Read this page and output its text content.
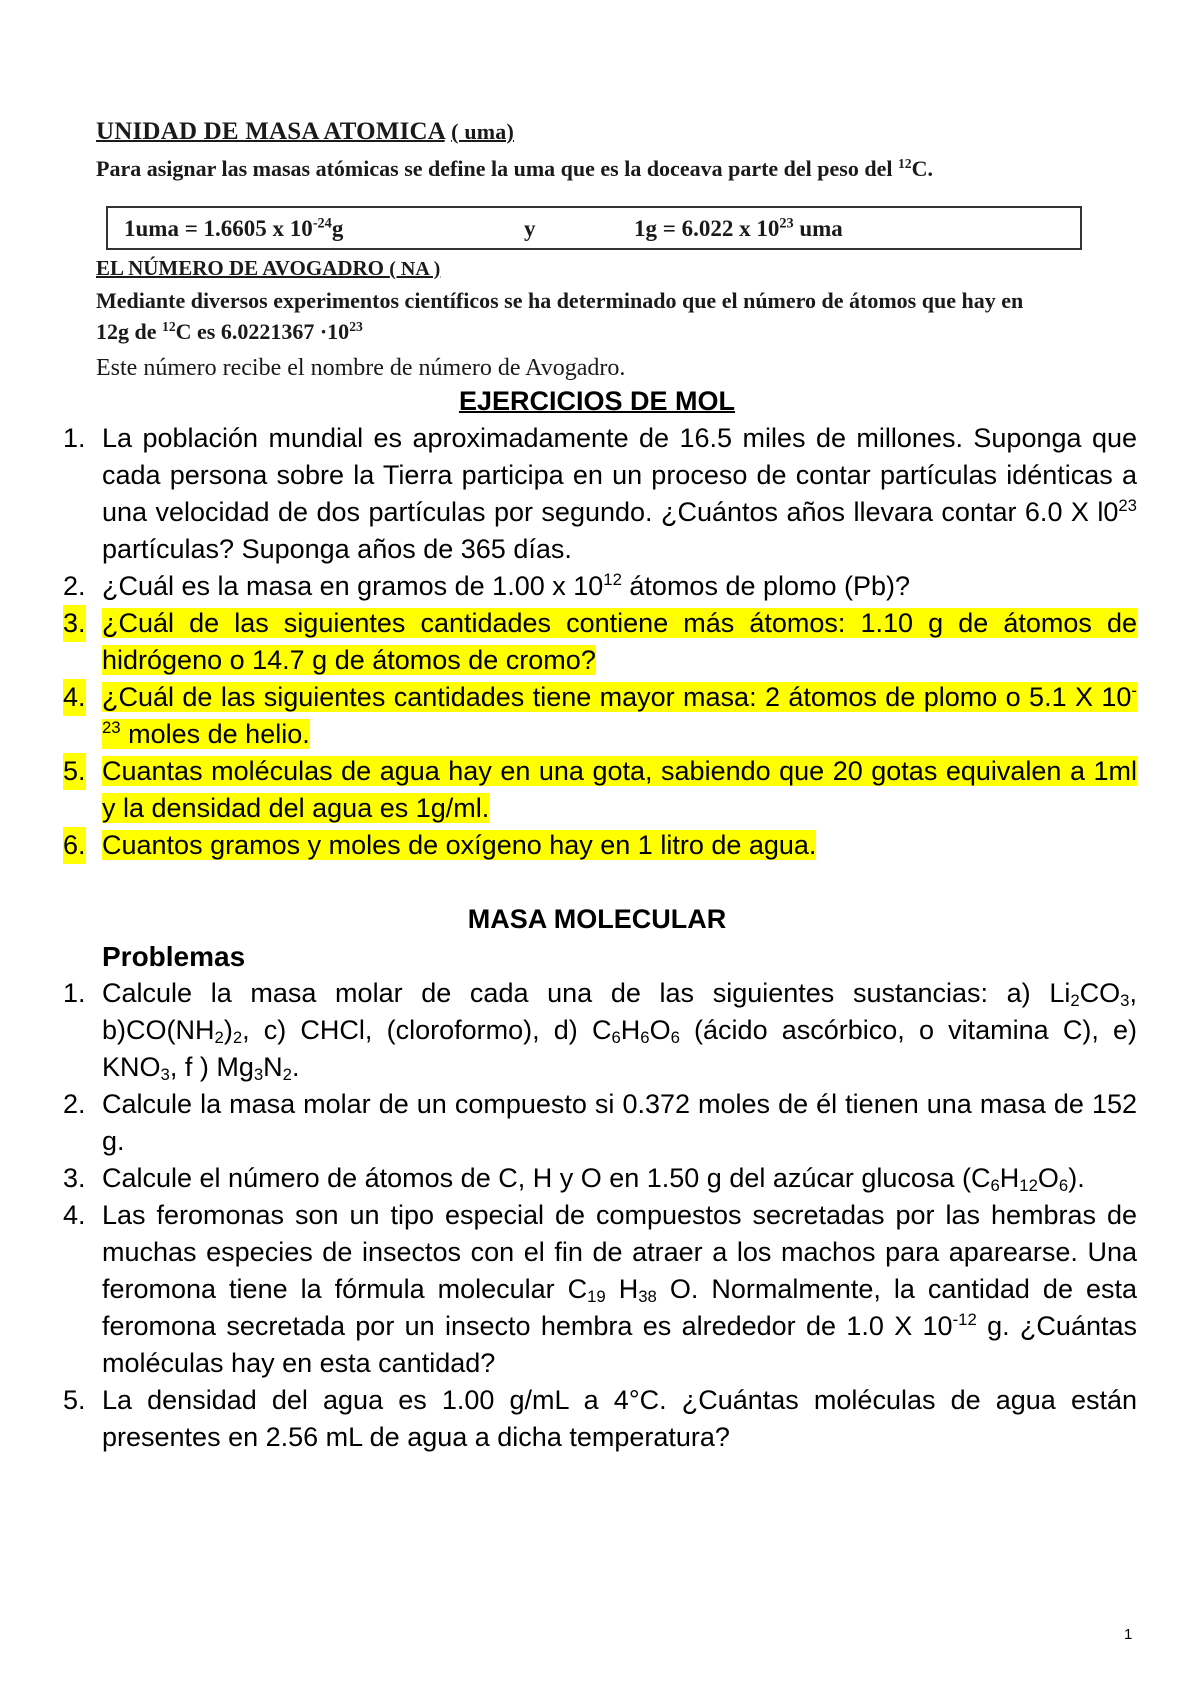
UNIDAD DE MASA ATOMICA ( uma)
Para asignar las masas atómicas se define la uma que es la doceava parte del peso del $^{12}$C.
1uma = 1.6605 x $10^{-24}g$	y	1g = 6.022 x $10^{23}$ uma
EL NÚMERO DE AVOGADRO ( NA )
Mediante diversos experimentos científicos se ha determinado que el número de átomos que hay en
12g de $^{12}$C es $6.0221367 \cdot 10^{23}$
Este número recibe el nombre de número de Avogadro.
EJERCICIOS DE MOL
1. La población mundial es aproximadamente de 16.5 miles de millones. Suponga que cada persona sobre la Tierra participa en un proceso de contar partículas idénticas a una velocidad de dos partículas por segundo. ¿Cuántos años llevara contar 6.0 X $l0^{23}$ partículas? Suponga años de 365 días.
2. ¿Cuál es la masa en gramos de 1.00 x $10^{12}$ átomos de plomo (Pb)?
3. ¿Cuál de las siguientes cantidades contiene más átomos: 1.10 g de átomos de hidrógeno o 14.7 g de átomos de cromo?
4. ¿Cuál de las siguientes cantidades tiene mayor masa: 2 átomos de plomo o 5.1 X $10^{-23}$ moles de helio.
5. Cuantas moléculas de agua hay en una gota, sabiendo que 20 gotas equivalen a 1ml y la densidad del agua es 1g/ml.
6. Cuantos gramos y moles de oxígeno hay en 1 litro de agua.
MASA MOLECULAR
Problemas
1. Calcule la masa molar de cada una de las siguientes sustancias: a) $Li_2CO_3$, $b)CO(NH_2)_2$, c) CHCl, (cloroformo), d) $C_6H_6O_6$ (ácido ascórbico, o vitamina C), e) $KNO_3$, f ) $Mg_3N_2$.
2. Calcule la masa molar de un compuesto si 0.372 moles de él tienen una masa de 152 g.
3. Calcule el número de átomos de C, H y O en 1.50 g del azúcar glucosa $(C_6H_{12}O_6)$.
4. Las feromonas son un tipo especial de compuestos secretadas por las hembras de muchas especies de insectos con el fin de atraer a los machos para aparearse. Una feromona tiene la fórmula molecular $C_{19}$ $H_{38}$ O. Normalmente, la cantidad de esta feromona secretada por un insecto hembra es alrededor de 1.0 X $10^{-12}$ g. ¿Cuántas moléculas hay en esta cantidad?
5. La densidad del agua es 1.00 g/mL a 4°C. ¿Cuántas moléculas de agua están presentes en 2.56 mL de agua a dicha temperatura?
1
